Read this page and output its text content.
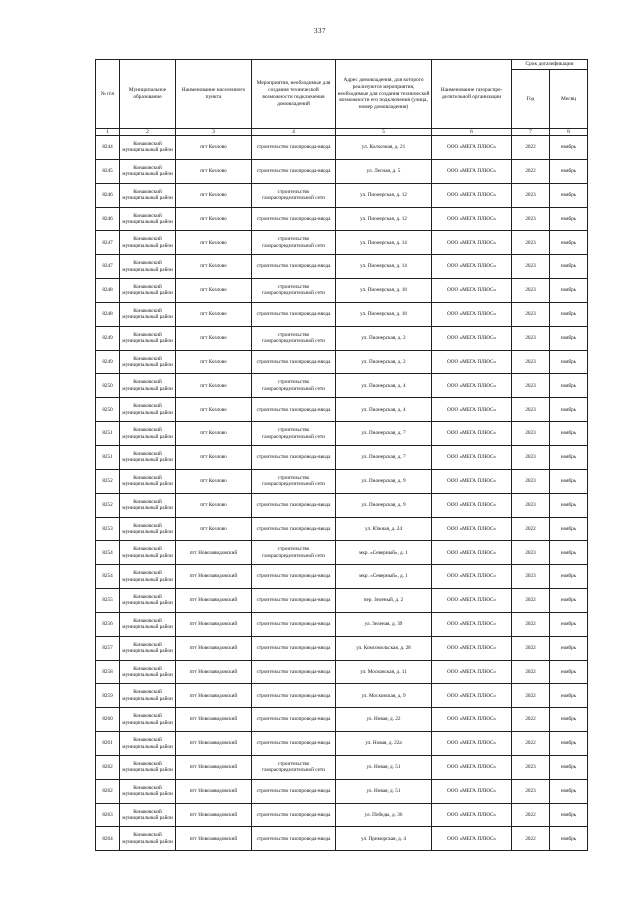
337
№ п\п	Муниципальное образование	Наименование населенного пункта	Мероприятия, необходимые для создания технической возможности подключения домовладений	Адрес домовладения, для которого реализуются мероприятия, необходимые для создания технической возможности его подключения (улица, номер домовладения)	Наименование газораспре-делительной организации	Срок догазификации	
						Год	Месяц
1	2	3	4	5	6	7	8
8244	Конаковский муниципальный район	пгт Козлово	строительство газопровода-ввода	ул. Колхозная, д. 21	ООО «МЕГА ПЛЮС»	2022	ноябрь
8245	Конаковский муниципальный район	пгт Козлово	строительство газопровода-ввода	ул. Лесная, д. 5	ООО «МЕГА ПЛЮС»	2022	ноябрь
8246	Конаковский муниципальный район	пгт Козлово	строительство газораспределительной сети	ул. Пионерская, д. 12	ООО «МЕГА ПЛЮС»	2023	ноябрь
8246	Конаковский муниципальный район	пгт Козлово	строительство газопровода-ввода	ул. Пионерская, д. 12	ООО «МЕГА ПЛЮС»	2023	ноябрь
8247	Конаковский муниципальный район	пгт Козлово	строительство газораспределительной сети	ул. Пионерская, д. 14	ООО «МЕГА ПЛЮС»	2023	ноябрь
8247	Конаковский муниципальный район	пгт Козлово	строительство газопровода-ввода	ул. Пионерская, д. 14	ООО «МЕГА ПЛЮС»	2023	ноябрь
8248	Конаковский муниципальный район	пгт Козлово	строительство газораспределительной сети	ул. Пионерская, д. 18	ООО «МЕГА ПЛЮС»	2023	ноябрь
8248	Конаковский муниципальный район	пгт Козлово	строительство газопровода-ввода	ул. Пионерская, д. 18	ООО «МЕГА ПЛЮС»	2023	ноябрь
8249	Конаковский муниципальный район	пгт Козлово	строительство газораспределительной сети	ул. Пионерская, д. 2	ООО «МЕГА ПЛЮС»	2023	ноябрь
8249	Конаковский муниципальный район	пгт Козлово	строительство газопровода-ввода	ул. Пионерская, д. 2	ООО «МЕГА ПЛЮС»	2023	ноябрь
8250	Конаковский муниципальный район	пгт Козлово	строительство газораспределительной сети	ул. Пионерская, д. 4	ООО «МЕГА ПЛЮС»	2023	ноябрь
8250	Конаковский муниципальный район	пгт Козлово	строительство газопровода-ввода	ул. Пионерская, д. 4	ООО «МЕГА ПЛЮС»	2023	ноябрь
8251	Конаковский муниципальный район	пгт Козлово	строительство газораспределительной сети	ул. Пионерская, д. 7	ООО «МЕГА ПЛЮС»	2023	ноябрь
8251	Конаковский муниципальный район	пгт Козлово	строительство газопровода-ввода	ул. Пионерская, д. 7	ООО «МЕГА ПЛЮС»	2023	ноябрь
8252	Конаковский муниципальный район	пгт Козлово	строительство газораспределительной сети	ул. Пионерская, д. 9	ООО «МЕГА ПЛЮС»	2023	ноябрь
8252	Конаковский муниципальный район	пгт Козлово	строительство газопровода-ввода	ул. Пионерская, д. 9	ООО «МЕГА ПЛЮС»	2023	ноябрь
8253	Конаковский муниципальный район	пгт Козлово	строительство газопровода-ввода	ул. Южная, д. 24	ООО «МЕГА ПЛЮС»	2022	ноябрь
8254	Конаковский муниципальный район	пгт Новозавидовский	строительство газораспределительной сети	мкр. «Северный», д. 1	ООО «МЕГА ПЛЮС»	2023	ноябрь
8254	Конаковский муниципальный район	пгт Новозавидовский	строительство газопровода-ввода	мкр. «Северный», д. 1	ООО «МЕГА ПЛЮС»	2023	ноябрь
8255	Конаковский муниципальный район	пгт Новозавидовский	строительство газопровода-ввода	пер. Зеленый, д. 2	ООО «МЕГА ПЛЮС»	2022	ноябрь
8256	Конаковский муниципальный район	пгт Новозавидовский	строительство газопровода-ввода	ул. Зеленая, д. 39	ООО «МЕГА ПЛЮС»	2022	ноябрь
8257	Конаковский муниципальный район	пгт Новозавидовский	строительство газопровода-ввода	ул. Комсомольская, д. 28	ООО «МЕГА ПЛЮС»	2022	ноябрь
8258	Конаковский муниципальный район	пгт Новозавидовский	строительство газопровода-ввода	ул. Московская, д. 11	ООО «МЕГА ПЛЮС»	2022	ноябрь
8259	Конаковский муниципальный район	пгт Новозавидовский	строительство газопровода-ввода	ул. Московская, д. 9	ООО «МЕГА ПЛЮС»	2022	ноябрь
8260	Конаковский муниципальный район	пгт Новозавидовский	строительство газопровода-ввода	ул. Новая, д. 22	ООО «МЕГА ПЛЮС»	2022	ноябрь
8261	Конаковский муниципальный район	пгт Новозавидовский	строительство газопровода-ввода	ул. Новая, д. 22а	ООО «МЕГА ПЛЮС»	2022	ноябрь
8262	Конаковский муниципальный район	пгт Новозавидовский	строительство газораспределительной сети	ул. Новая, д. 51	ООО «МЕГА ПЛЮС»	2023	ноябрь
8262	Конаковский муниципальный район	пгт Новозавидовский	строительство газопровода-ввода	ул. Новая, д. 51	ООО «МЕГА ПЛЮС»	2023	ноябрь
8263	Конаковский муниципальный район	пгт Новозавидовский	строительство газопровода-ввода	ул. Победы, д. 36	ООО «МЕГА ПЛЮС»	2022	ноябрь
8264	Конаковский муниципальный район	пгт Новозавидовский	строительство газопровода-ввода	ул. Приморская, д. 4	ООО «МЕГА ПЛЮС»	2022	ноябрь
